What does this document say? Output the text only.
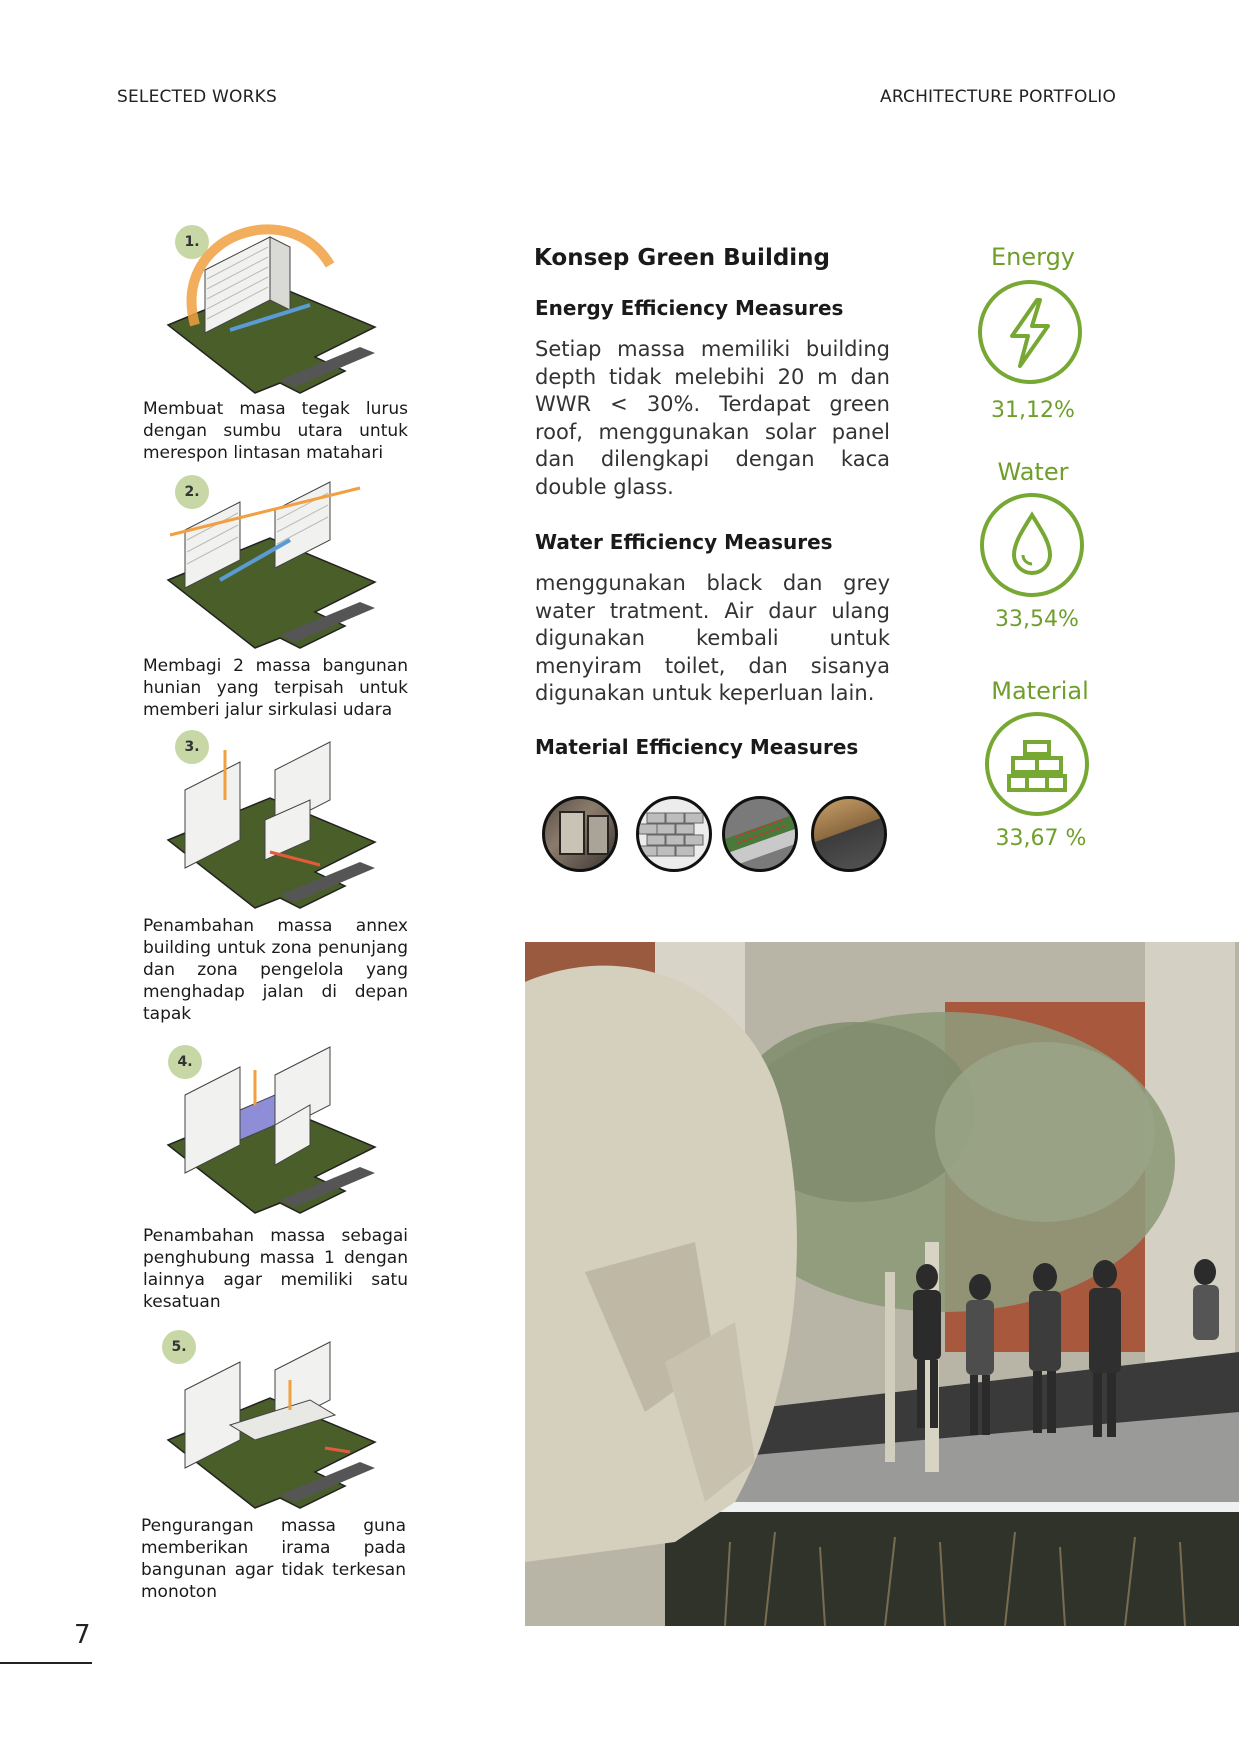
SELECTED WORKS	ARCHITECTURE PORTFOLIO
1.
Membuat masa tegak lurus dengan sumbu utara untuk merespon lintasan matahari
2.
Membagi 2 massa bangunan hunian yang terpisah untuk memberi jalur sirkulasi udara
3.
Penambahan massa annex building untuk zona penunjang dan zona pengelola yang menghadap jalan di depan tapak
4.
Penambahan massa sebagai penghubung massa 1 dengan lainnya agar memiliki satu kesatuan
5.
Pengurangan massa guna memberikan irama pada bangunan agar tidak terkesan monoton
Konsep Green Building
Energy Efficiency Measures
Setiap massa memiliki building depth tidak melebihi 20 m dan WWR < 30%. Terdapat green roof, menggunakan solar panel dan dilengkapi dengan kaca double glass.
Water Efficiency Measures
menggunakan black dan grey water tratment. Air daur ulang digunakan kembali untuk menyiram toilet, dan sisanya digunakan untuk keperluan lain.
Material Efficiency Measures
Energy
31,12%
Water
33,54%
Material
33,67 %
7
